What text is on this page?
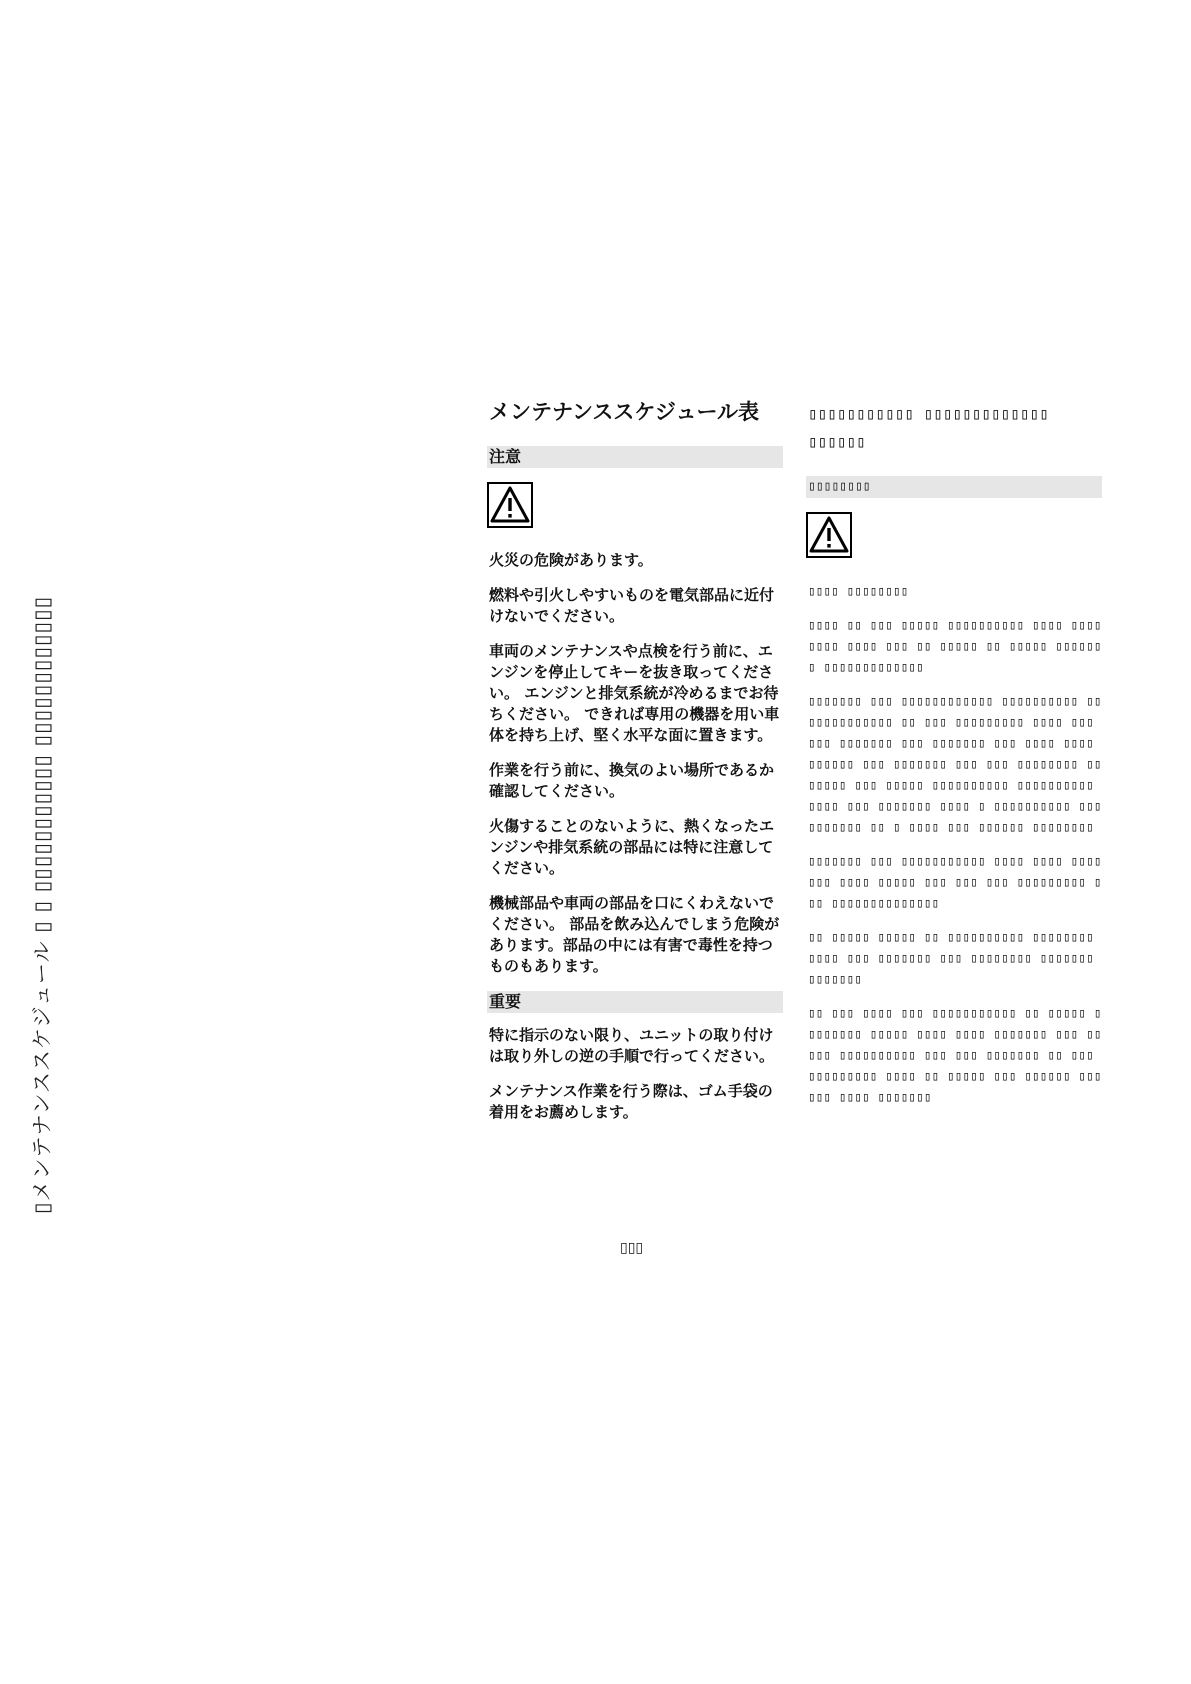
▯メンテナンススケジュール ▯ ▯ ▯▯▯▯▯▯▯▯▯▯▯ ▯▯▯▯▯▯▯▯▯▯▯▯
メンテナンススケジュール表
注意
火災の危険があります。
燃料や引火しやすいものを電気部品に近付けないでください。
車両のメンテナンスや点検を行う前に、エンジンを停止してキーを抜き取ってください。 エンジンと排気系統が冷めるまでお待ちください。 できれば専用の機器を用い車体を持ち上げ、堅く水平な面に置きます。
作業を行う前に、換気のよい場所であるか確認してください。
火傷することのないように、熱くなったエンジンや排気系統の部品には特に注意してください。
機械部品や車両の部品を口にくわえないでください。 部品を飲み込んでしまう危険があります。部品の中には有害で毒性を持つものもあります。
重要
特に指示のない限り、ユニットの取り付けは取り外しの逆の手順で行ってください。
メンテナンス作業を行う際は、ゴム手袋の着用をお薦めします。
▯▯▯▯▯▯▯▯▯▯▯ ▯▯▯▯▯▯▯▯▯▯▯▯▯ ▯▯▯▯▯▯
▯▯▯▯▯▯▯▯
▯▯▯▯ ▯▯▯▯▯▯▯▯
▯▯▯▯ ▯▯ ▯▯▯ ▯▯▯▯▯ ▯▯▯▯▯▯▯▯▯▯ ▯▯▯▯ ▯▯▯▯▯▯▯▯ ▯▯▯▯ ▯▯▯ ▯▯ ▯▯▯▯▯ ▯▯ ▯▯▯▯▯ ▯▯▯▯▯▯▯ ▯▯▯▯▯▯▯▯▯▯▯▯▯
▯▯▯▯▯▯▯ ▯▯▯ ▯▯▯▯▯▯▯▯▯▯▯▯ ▯▯▯▯▯▯▯▯▯▯ ▯▯ ▯▯▯▯▯▯▯▯▯▯▯ ▯▯ ▯▯▯ ▯▯▯▯▯▯▯▯▯ ▯▯▯▯ ▯▯▯ ▯▯▯ ▯▯▯▯▯▯▯ ▯▯▯ ▯▯▯▯▯▯▯ ▯▯▯ ▯▯▯▯ ▯▯▯▯ ▯▯▯▯▯▯ ▯▯▯ ▯▯▯▯▯▯▯ ▯▯▯ ▯▯▯ ▯▯▯▯▯▯▯▯ ▯▯▯▯▯▯▯ ▯▯▯ ▯▯▯▯▯ ▯▯▯▯▯▯▯▯▯▯ ▯▯▯▯▯▯▯▯▯▯ ▯▯▯▯ ▯▯▯ ▯▯▯▯▯▯▯ ▯▯▯▯ ▯ ▯▯▯▯▯▯▯▯▯▯ ▯▯▯▯▯▯▯▯▯▯ ▯▯ ▯ ▯▯▯▯ ▯▯▯ ▯▯▯▯▯▯ ▯▯▯▯▯▯▯▯
▯▯▯▯▯▯▯ ▯▯▯ ▯▯▯▯▯▯▯▯▯▯▯ ▯▯▯▯ ▯▯▯▯ ▯▯▯▯ ▯▯▯ ▯▯▯▯ ▯▯▯▯▯ ▯▯▯ ▯▯▯ ▯▯▯ ▯▯▯▯▯▯▯▯▯ ▯▯▯ ▯▯▯▯▯▯▯▯▯▯▯▯▯▯
▯▯ ▯▯▯▯▯ ▯▯▯▯▯ ▯▯ ▯▯▯▯▯▯▯▯▯▯ ▯▯▯▯▯▯▯▯ ▯▯▯▯ ▯▯▯ ▯▯▯▯▯▯▯ ▯▯▯ ▯▯▯▯▯▯▯▯ ▯▯▯▯▯▯▯ ▯▯▯▯▯▯▯
▯▯ ▯▯▯ ▯▯▯▯ ▯▯▯ ▯▯▯▯▯▯▯▯▯▯▯ ▯▯ ▯▯▯▯▯ ▯▯▯▯▯▯▯▯ ▯▯▯▯▯ ▯▯▯▯ ▯▯▯▯ ▯▯▯▯▯▯▯ ▯▯▯ ▯▯▯▯▯ ▯▯▯▯▯▯▯▯▯▯ ▯▯▯ ▯▯▯ ▯▯▯▯▯▯▯ ▯▯ ▯▯▯ ▯▯▯▯▯▯▯▯▯ ▯▯▯▯ ▯▯ ▯▯▯▯▯ ▯▯▯ ▯▯▯▯▯▯ ▯▯▯ ▯▯▯ ▯▯▯▯ ▯▯▯▯▯▯▯
▯▯▯
